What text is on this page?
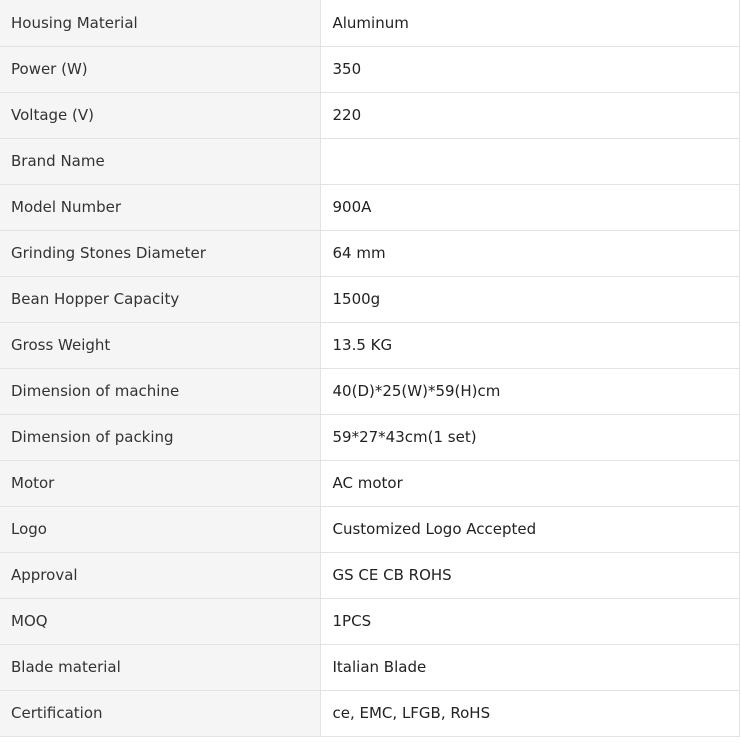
Housing Material	Aluminum
Power (W)	350
Voltage (V)	220
Brand Name	
Model Number	900A
Grinding Stones Diameter	64 mm
Bean Hopper Capacity	1500g
Gross Weight	13.5 KG
Dimension of machine	40(D)*25(W)*59(H)cm
Dimension of packing	59*27*43cm(1 set)
Motor	AC motor
Logo	Customized Logo Accepted
Approval	GS CE CB ROHS
MOQ	1PCS
Blade material	Italian Blade
Certification	ce, EMC, LFGB, RoHS
